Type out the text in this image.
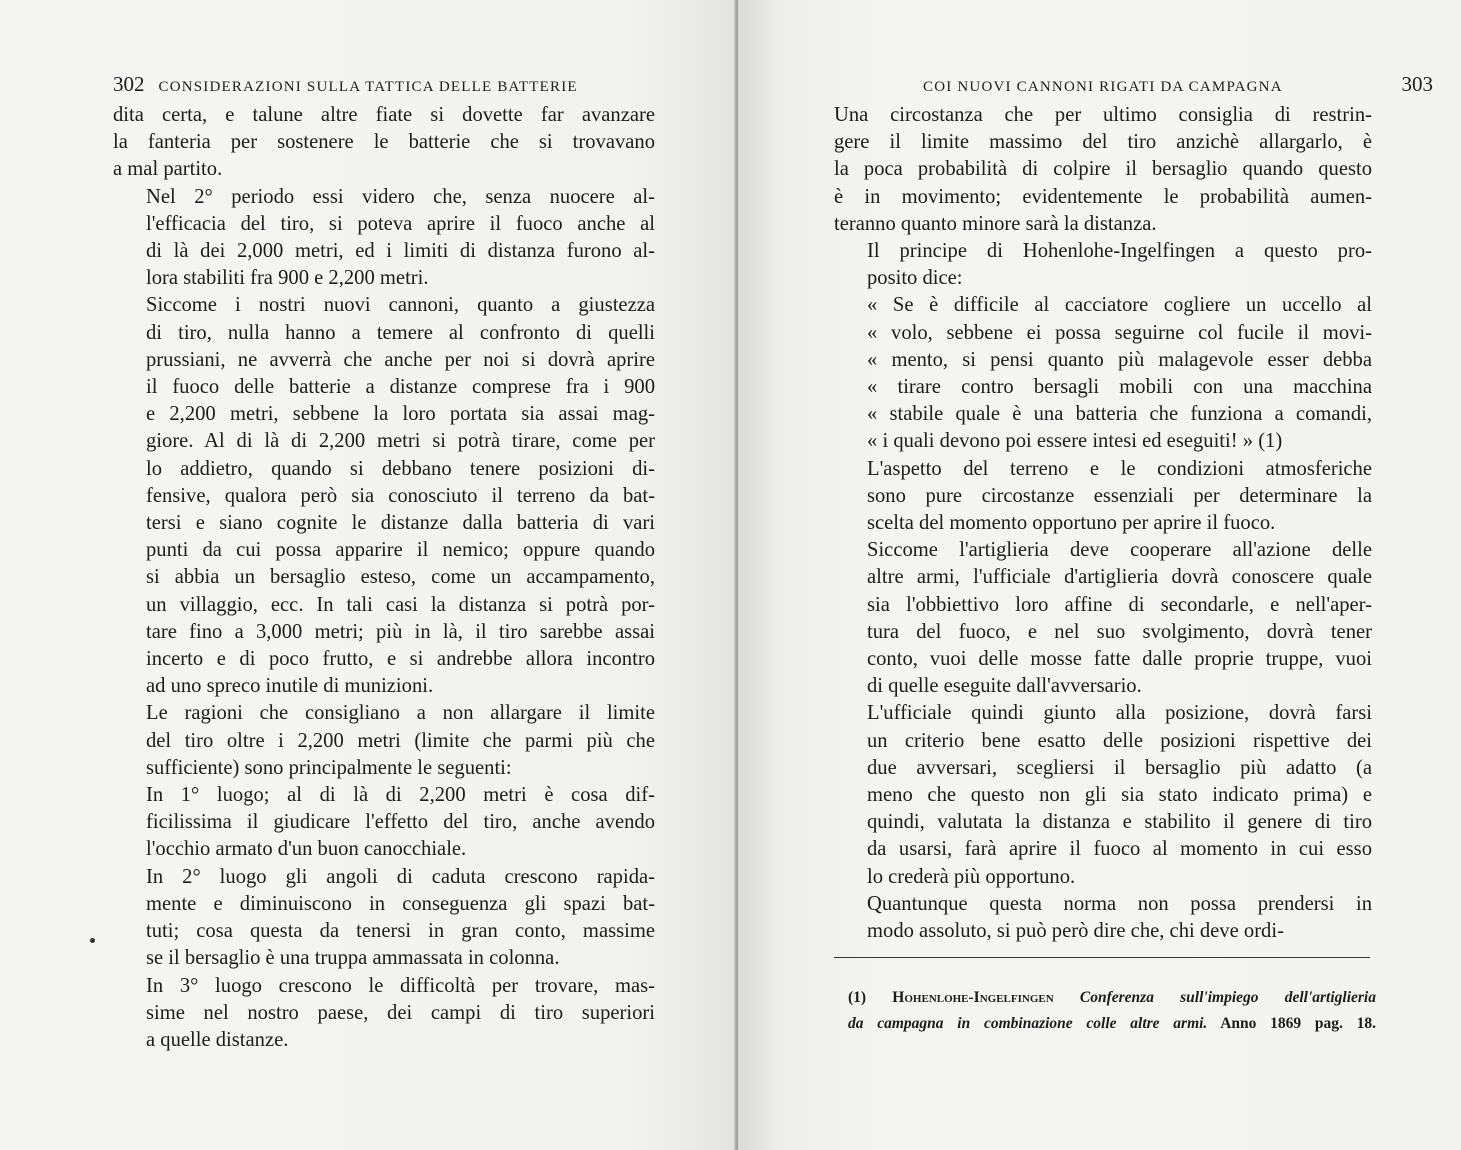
302 CONSIDERAZIONI SULLA TATTICA DELLE BATTERIE

dita certa, e talune altre fiate si dovette far avanzare
la fanteria per sostenere le batterie che si trovavano
a mal partito.

Nel 2° periodo essi videro che, senza nuocere al-
l'efficacia del tiro, si poteva aprire il fuoco anche al
di là dei 2,000 metri, ed i limiti di distanza furono al-
lora stabiliti fra 900 e 2,200 metri.

Siccome i nostri nuovi cannoni, quanto a giustezza
di tiro, nulla hanno a temere al confronto di quelli
prussiani, ne avverrà che anche per noi si dovrà aprire
il fuoco delle batterie a distanze comprese fra i 900
e 2,200 metri, sebbene la loro portata sia assai mag-
giore. Al di là di 2,200 metri si potrà tirare, come per
lo addietro, quando si debbano tenere posizioni di-
fensive, qualora però sia conosciuto il terreno da bat-
tersi e siano cognite le distanze dalla batteria di vari
punti da cui possa apparire il nemico; oppure quando
si abbia un bersaglio esteso, come un accampamento,
un villaggio, ecc. In tali casi la distanza si potrà por-
tare fino a 3,000 metri; più in là, il tiro sarebbe assai
incerto e di poco frutto, e si andrebbe allora incontro
ad uno spreco inutile di munizioni.

Le ragioni che consigliano a non allargare il limite
del tiro oltre i 2,200 metri (limite che parmi più che
sufficiente) sono principalmente le seguenti:

In 1° luogo; al di là di 2,200 metri è cosa dif-
ficilissima il giudicare l'effetto del tiro, anche avendo
l'occhio armato d'un buon canocchiale.

In 2° luogo gli angoli di caduta crescono rapida-
mente e diminuiscono in conseguenza gli spazi bat-
tuti; cosa questa da tenersi in gran conto, massime
se il bersaglio è una truppa ammassata in colonna.

In 3° luogo crescono le difficoltà per trovare, mas-
sime nel nostro paese, dei campi di tiro superiori
a quelle distanze.

COI NUOVI CANNONI RIGATI DA CAMPAGNA	303

Una circostanza che per ultimo consiglia di restrin-
gere il limite massimo del tiro anzichè allargarlo, è
la poca probabilità di colpire il bersaglio quando questo
è in movimento; evidentemente le probabilità aumen-
teranno quanto minore sarà la distanza.

Il principe di Hohenlohe-Ingelfingen a questo pro-
posito dice:

« Se è difficile al cacciatore cogliere un uccello al
« volo, sebbene ei possa seguirne col fucile il movi-
« mento, si pensi quanto più malagevole esser debba
« tirare contro bersagli mobili con una macchina
« stabile quale è una batteria che funziona a comandi,
« i quali devono poi essere intesi ed eseguiti! » (1)

L'aspetto del terreno e le condizioni atmosferiche
sono pure circostanze essenziali per determinare la
scelta del momento opportuno per aprire il fuoco.

Siccome l'artiglieria deve cooperare all'azione delle
altre armi, l'ufficiale d'artiglieria dovrà conoscere quale
sia l'obbiettivo loro affine di secondarle, e nell'aper-
tura del fuoco, e nel suo svolgimento, dovrà tener
conto, vuoi delle mosse fatte dalle proprie truppe, vuoi
di quelle eseguite dall'avversario.

L'ufficiale quindi giunto alla posizione, dovrà farsi
un criterio bene esatto delle posizioni rispettive dei
due avversari, scegliersi il bersaglio più adatto (a
meno che questo non gli sia stato indicato prima) e
quindi, valutata la distanza e stabilito il genere di tiro
da usarsi, farà aprire il fuoco al momento in cui esso
lo crederà più opportuno.

Quantunque questa norma non possa prendersi in
modo assoluto, si può però dire che, chi deve ordi-

(1) Hohenlohe-Ingelfingen Conferenza sull'impiego dell'artiglieria
da campagna in combinazione colle altre armi. Anno 1869 pag. 18.
